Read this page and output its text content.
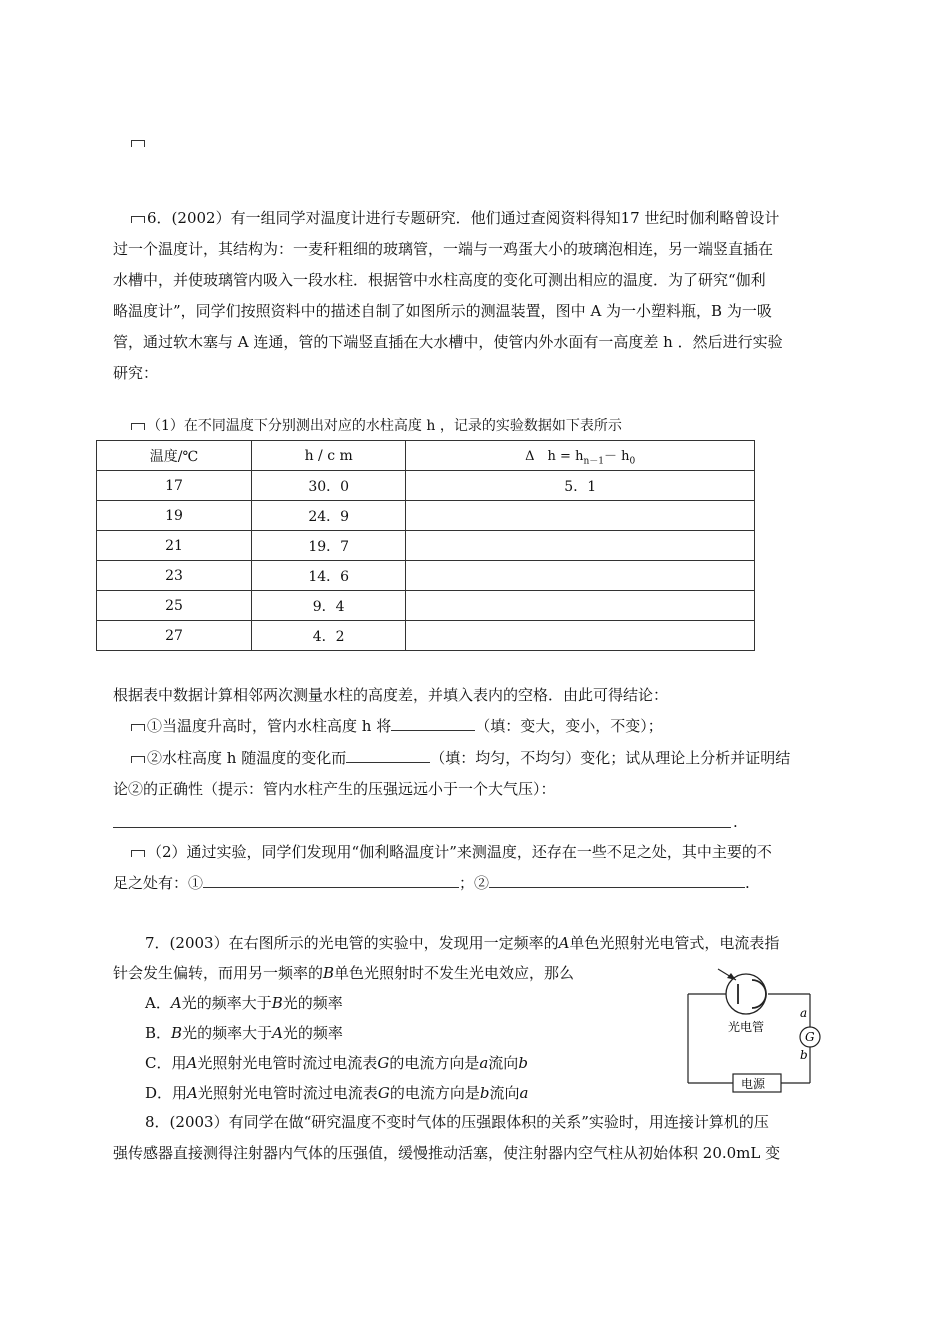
6．(2002）有一组同学对温度计进行专题研究．他们通过查阅资料得知17 世纪时伽利略曾设计
过一个温度计，其结构为：一麦秆粗细的玻璃管，一端与一鸡蛋大小的玻璃泡相连，另一端竖直插在
水槽中，并使玻璃管内吸入一段水柱．根据管中水柱高度的变化可测出相应的温度．为了研究“伽利
略温度计”，同学们按照资料中的描述自制了如图所示的测温装置，图中 A 为一小塑料瓶，B 为一吸
管，通过软木塞与 A 连通，管的下端竖直插在大水槽中，使管内外水面有一高度差 h ．然后进行实验
研究：
（1）在不同温度下分别测出对应的水柱高度 h ，记录的实验数据如下表所示
温度/℃	h / c m	Δ　$h = h_{n-1}- h_0$
17	30．0	5．1
19	24．9	
21	19．7	
23	14．6	
25	9．4	
27	4．2	
根据表中数据计算相邻两次测量水柱的高度差，并填入表内的空格．由此可得结论：
①当温度升高时，管内水柱高度 h 将	（填：变大，变小，不变）；
②水柱高度 h 随温度的变化而	（填：均匀，不均匀）变化；试从理论上分析并证明结
论②的正确性（提示：管内水柱产生的压强远远小于一个大气压）：
.
（2）通过实验，同学们发现用“伽利略温度计”来测温度，还存在一些不足之处，其中主要的不
足之处有：①	；②	.
7．(2003）在右图所示的光电管的实验中，发现用一定频率的A单色光照射光电管式，电流表指
针会发生偏转，而用另一频率的B单色光照射时不发生光电效应，那么
A．A光的频率大于B光的频率
B．B光的频率大于A光的频率
C．用A光照射光电管时流过电流表G的电流方向是a流向b
D．用A光照射光电管时流过电流表G的电流方向是b流向a
光电管
G
a
b
电源
8．(2003）有同学在做“研究温度不变时气体的压强跟体积的关系”实验时，用连接计算机的压
强传感器直接测得注射器内气体的压强值，缓慢推动活塞，使注射器内空气柱从初始体积 20.0mL 变
